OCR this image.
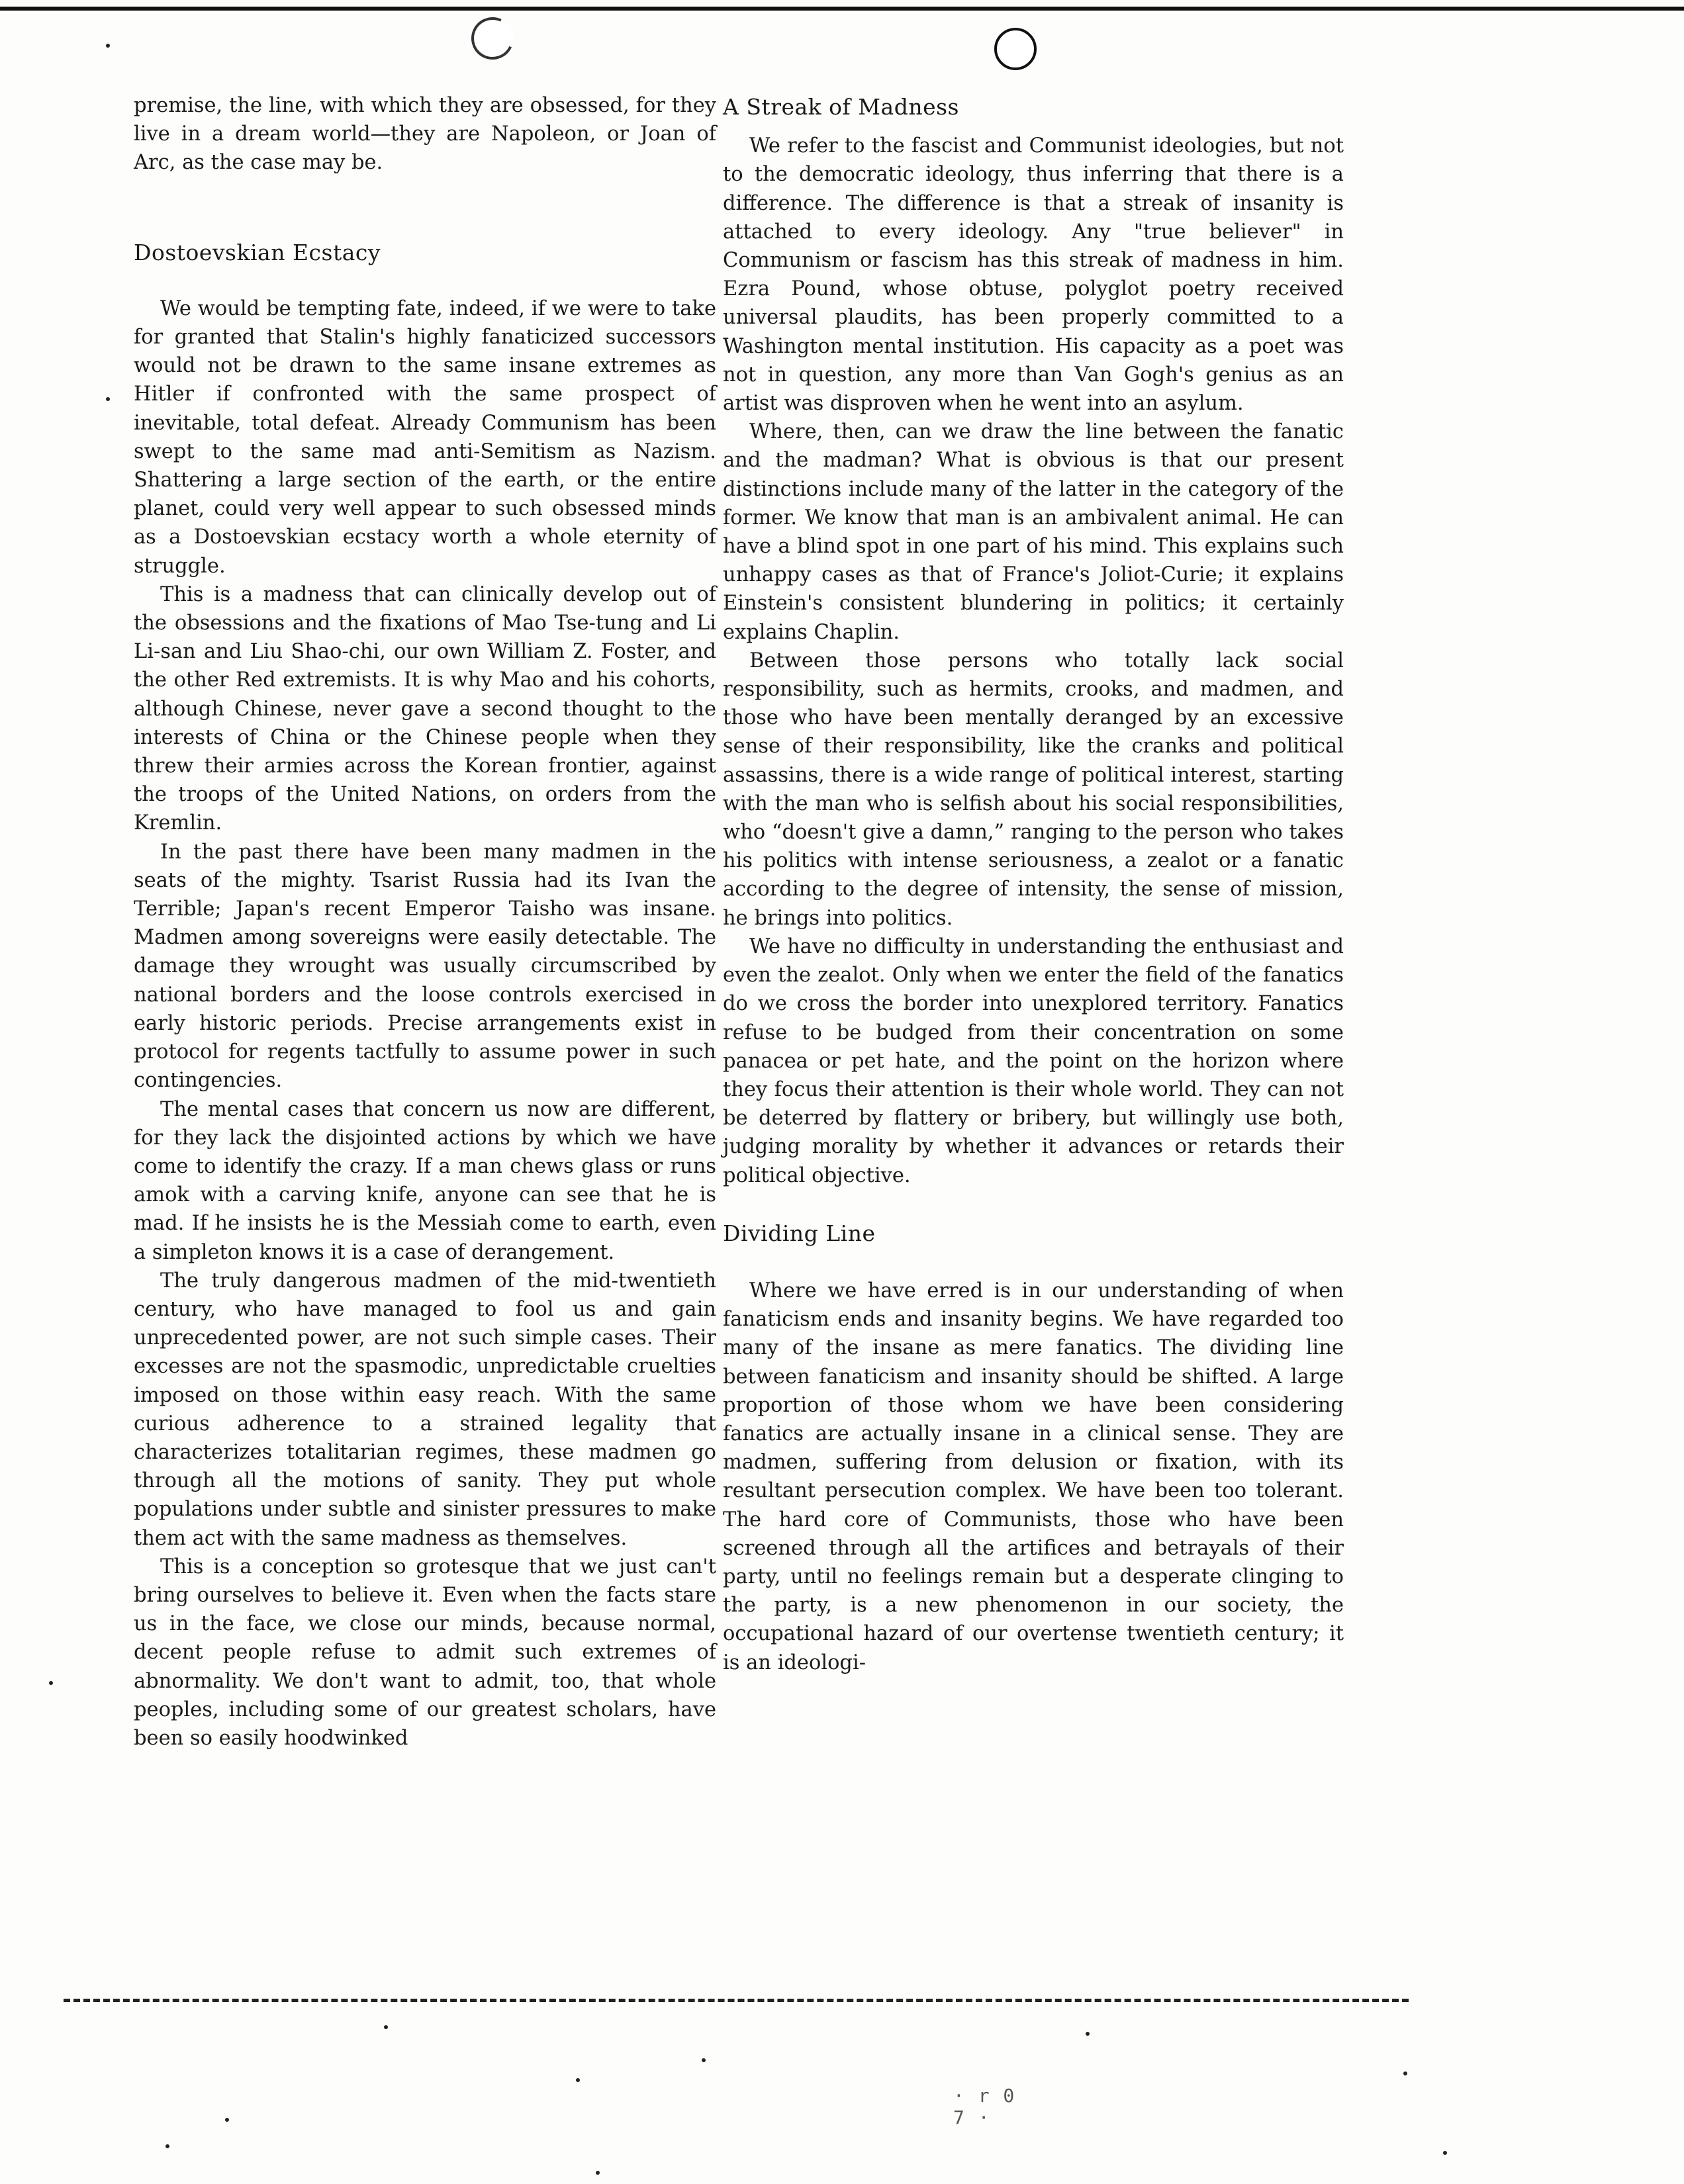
premise, the line, with which they are obsessed, for they live in a dream world—they are Napoleon, or Joan of Arc, as the case may be.

Dostoevskian Ecstacy

We would be tempting fate, indeed, if we were to take for granted that Stalin's highly fanaticized successors would not be drawn to the same insane extremes as Hitler if confronted with the same prospect of inevitable, total defeat. Already Communism has been swept to the same mad anti-Semitism as Nazism. Shattering a large section of the earth, or the entire planet, could very well appear to such obsessed minds as a Dostoevskian ecstacy worth a whole eternity of struggle.

This is a madness that can clinically develop out of the obsessions and the fixations of Mao Tse-tung and Li Li-san and Liu Shao-chi, our own William Z. Foster, and the other Red extremists. It is why Mao and his cohorts, although Chinese, never gave a second thought to the interests of China or the Chinese people when they threw their armies across the Korean frontier, against the troops of the United Nations, on orders from the Kremlin.

In the past there have been many madmen in the seats of the mighty. Tsarist Russia had its Ivan the Terrible; Japan's recent Emperor Taisho was insane. Madmen among sovereigns were easily detectable. The damage they wrought was usually circumscribed by national borders and the loose controls exercised in early historic periods. Precise arrangements exist in protocol for regents tactfully to assume power in such contingencies.

The mental cases that concern us now are different, for they lack the disjointed actions by which we have come to identify the crazy. If a man chews glass or runs amok with a carving knife, anyone can see that he is mad. If he insists he is the Messiah come to earth, even a simpleton knows it is a case of derangement.

The truly dangerous madmen of the mid-twentieth century, who have managed to fool us and gain unprecedented power, are not such simple cases. Their excesses are not the spasmodic, unpredictable cruelties imposed on those within easy reach. With the same curious adherence to a strained legality that characterizes totalitarian regimes, these madmen go through all the motions of sanity. They put whole populations under subtle and sinister pressures to make them act with the same madness as themselves.

This is a conception so grotesque that we just can't bring ourselves to believe it. Even when the facts stare us in the face, we close our minds, because normal, decent people refuse to admit such extremes of abnormality. We don't want to admit, too, that whole peoples, including some of our greatest scholars, have been so easily hoodwinked

A Streak of Madness

We refer to the fascist and Communist ideologies, but not to the democratic ideology, thus inferring that there is a difference. The difference is that a streak of insanity is attached to every ideology. Any "true believer" in Communism or fascism has this streak of madness in him. Ezra Pound, whose obtuse, polyglot poetry received universal plaudits, has been properly committed to a Washington mental institution. His capacity as a poet was not in question, any more than Van Gogh's genius as an artist was disproven when he went into an asylum.

Where, then, can we draw the line between the fanatic and the madman? What is obvious is that our present distinctions include many of the latter in the category of the former. We know that man is an ambivalent animal. He can have a blind spot in one part of his mind. This explains such unhappy cases as that of France's Joliot-Curie; it explains Einstein's consistent blundering in politics; it certainly explains Chaplin.

Between those persons who totally lack social responsibility, such as hermits, crooks, and madmen, and those who have been mentally deranged by an excessive sense of their responsibility, like the cranks and political assassins, there is a wide range of political interest, starting with the man who is selfish about his social responsibilities, who “doesn't give a damn,” ranging to the person who takes his politics with intense seriousness, a zealot or a fanatic according to the degree of intensity, the sense of mission, he brings into politics.

We have no difficulty in understanding the enthusiast and even the zealot. Only when we enter the field of the fanatics do we cross the border into unexplored territory. Fanatics refuse to be budged from their concentration on some panacea or pet hate, and the point on the horizon where they focus their attention is their whole world. They can not be deterred by flattery or bribery, but willingly use both, judging morality by whether it advances or retards their political objective.

Dividing Line

Where we have erred is in our understanding of when fanaticism ends and insanity begins. We have regarded too many of the insane as mere fanatics. The dividing line between fanaticism and insanity should be shifted. A large proportion of those whom we have been considering fanatics are actually insane in a clinical sense. They are madmen, suffering from delusion or fixation, with its resultant persecution complex. We have been too tolerant. The hard core of Communists, those who have been screened through all the artifices and betrayals of their party, until no feelings remain but a desperate clinging to the party, is a new phenomenon in our society, the occupational hazard of our overtense twentieth century; it is an ideologi-

· r 0 7 ·
